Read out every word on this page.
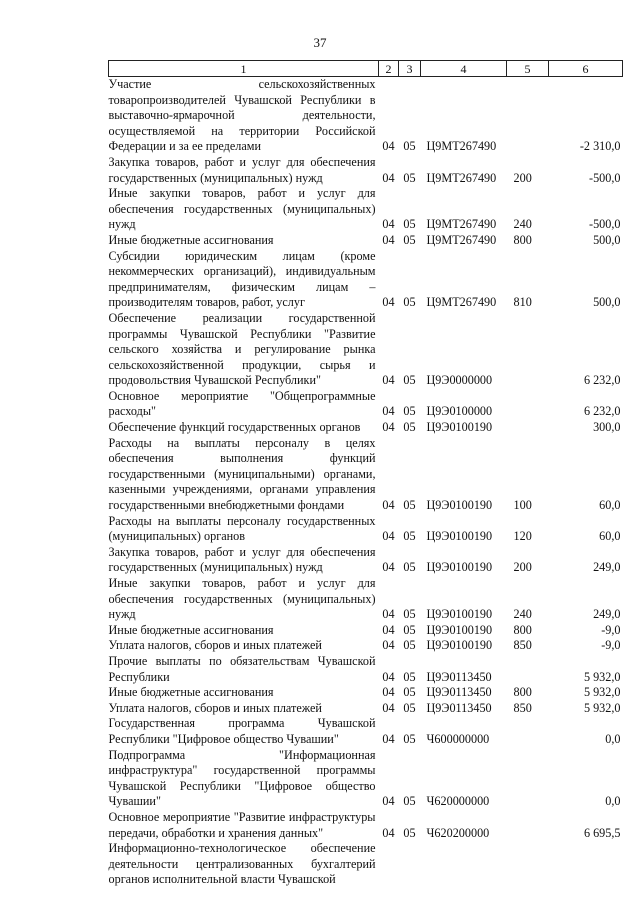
37
1	2	3	4	5	6
Участие сельскохозяйственных товаропроизводителей Чувашской Республики в выставочно-ярмарочной деятельности, осуществляемой на территории Российской Федерации и за ее пределами	04	05	Ц9МТ267490		-2 310,0
Закупка товаров, работ и услуг для обеспечения государственных (муниципальных) нужд	04	05	Ц9МТ267490	200	-500,0
Иные закупки товаров, работ и услуг для обеспечения государственных (муниципальных) нужд	04	05	Ц9МТ267490	240	-500,0
Иные бюджетные ассигнования	04	05	Ц9МТ267490	800	500,0
Субсидии юридическим лицам (кроме некоммерческих организаций), индивидуальным предпринимателям, физическим лицам – производителям товаров, работ, услуг	04	05	Ц9МТ267490	810	500,0
Обеспечение реализации государственной программы Чувашской Республики "Развитие сельского хозяйства и регулирование рынка сельскохозяйственной продукции, сырья и продовольствия Чувашской Республики"	04	05	Ц9Э0000000		6 232,0
Основное мероприятие "Общепрограммные расходы"	04	05	Ц9Э0100000		6 232,0
Обеспечение функций государственных органов	04	05	Ц9Э0100190		300,0
Расходы на выплаты персоналу в целях обеспечения выполнения функций государственными (муниципальными) органами, казенными учреждениями, органами управления государственными внебюджетными фондами	04	05	Ц9Э0100190	100	60,0
Расходы на выплаты персоналу государственных (муниципальных) органов	04	05	Ц9Э0100190	120	60,0
Закупка товаров, работ и услуг для обеспечения государственных (муниципальных) нужд	04	05	Ц9Э0100190	200	249,0
Иные закупки товаров, работ и услуг для обеспечения государственных (муниципальных) нужд	04	05	Ц9Э0100190	240	249,0
Иные бюджетные ассигнования	04	05	Ц9Э0100190	800	-9,0
Уплата налогов, сборов и иных платежей	04	05	Ц9Э0100190	850	-9,0
Прочие выплаты по обязательствам Чувашской Республики	04	05	Ц9Э0113450		5 932,0
Иные бюджетные ассигнования	04	05	Ц9Э0113450	800	5 932,0
Уплата налогов, сборов и иных платежей	04	05	Ц9Э0113450	850	5 932,0
Государственная программа Чувашской Республики "Цифровое общество Чувашии"	04	05	Ч600000000		0,0
Подпрограмма "Информационная инфраструктура" государственной программы Чувашской Республики "Цифровое общество Чувашии"	04	05	Ч620000000		0,0
Основное мероприятие "Развитие инфраструктуры передачи, обработки и хранения данных"	04	05	Ч620200000		6 695,5
Информационно-технологическое обеспечение деятельности централизованных бухгалтерий органов исполнительной власти Чувашской					
